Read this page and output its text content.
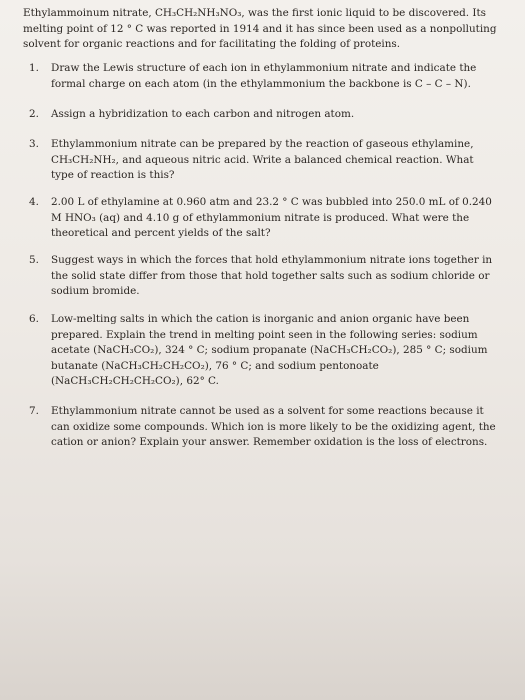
Ethylammoinum nitrate, CH₃CH₂NH₃NO₃, was the first ionic liquid to be discovered. Its melting point of 12 ° C was reported in 1914 and it has since been used as a nonpolluting solvent for organic reactions and for facilitating the folding of proteins.

1.	Draw the Lewis structure of each ion in ethylammonium nitrate and indicate the formal charge on each atom (in the ethylammonium the backbone is C – C – N).
2.	Assign a hybridization to each carbon and nitrogen atom.
3.	Ethylammonium nitrate can be prepared by the reaction of gaseous ethylamine, CH₃CH₂NH₂, and aqueous nitric acid. Write a balanced chemical reaction. What type of reaction is this?
4.	2.00 L of ethylamine at 0.960 atm and 23.2 ° C was bubbled into 250.0 mL of 0.240 M HNO₃ (aq) and 4.10 g of ethylammonium nitrate is produced. What were the theoretical and percent yields of the salt?
5.	Suggest ways in which the forces that hold ethylammonium nitrate ions together in the solid state differ from those that hold together salts such as sodium chloride or sodium bromide.
6.	Low-melting salts in which the cation is inorganic and anion organic have been prepared. Explain the trend in melting point seen in the following series: sodium acetate (NaCH₃CO₂), 324 ° C; sodium propanate (NaCH₃CH₂CO₂), 285 ° C; sodium butanate (NaCH₃CH₂CH₂CO₂), 76 ° C; and sodium pentonoate (NaCH₃CH₂CH₂CH₂CO₂), 62° C.
7.	Ethylammonium nitrate cannot be used as a solvent for some reactions because it can oxidize some compounds. Which ion is more likely to be the oxidizing agent, the cation or anion? Explain your answer. Remember oxidation is the loss of electrons.
